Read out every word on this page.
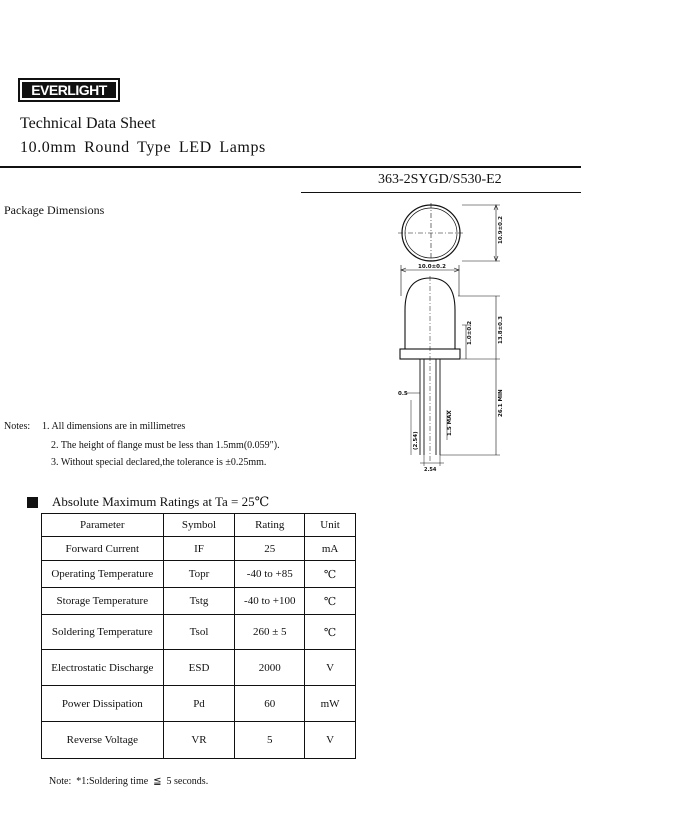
EVERLIGHT
Technical Data Sheet
10.0mm Round Type LED Lamps
363-2SYGD/S530-E2
Package Dimensions
10.9±0.2
10.0±0.2
13.8±0.3
1.0±0.2
26.1 MIN
0.5
(2.54)
1.5 MAX
2.54
Notes: 1. All dimensions are in millimetres
2. The height of flange must be less than 1.5mm(0.059").
3. Without special declared,the tolerance is ±0.25mm.
Absolute Maximum Ratings at Ta = 25℃
Parameter	Symbol	Rating	Unit
Forward Current	IF	25	mA
Operating Temperature	Topr	-40 to +85	℃
Storage Temperature	Tstg	-40 to +100	℃
Soldering Temperature	Tsol	260 ± 5	℃
Electrostatic Discharge	ESD	2000	V
Power Dissipation	Pd	60	mW
Reverse Voltage	VR	5	V
Note:  *1:Soldering time  ≦  5 seconds.
